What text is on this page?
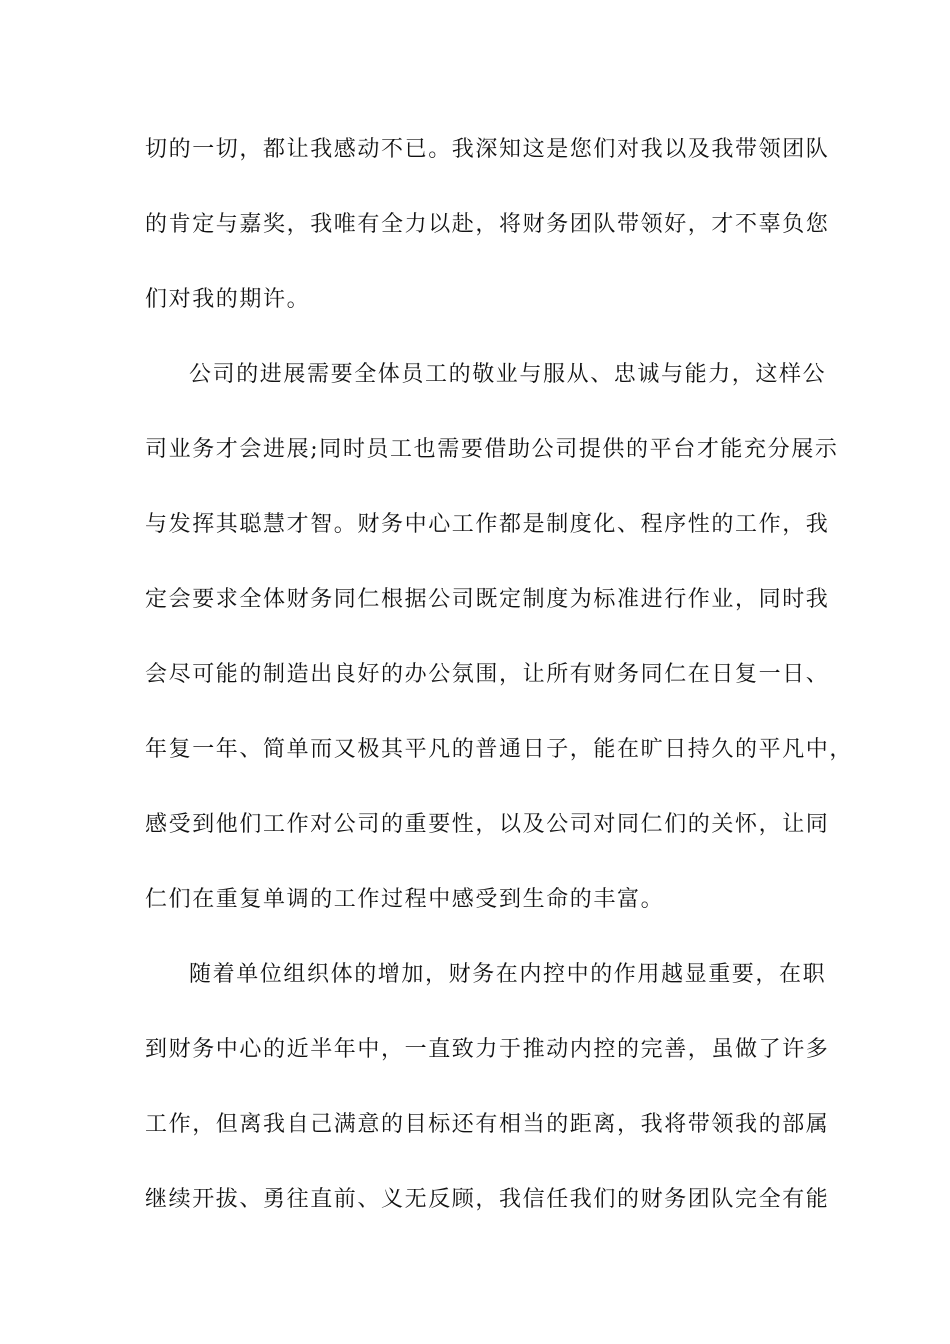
切的一切，都让我感动不已。我深知这是您们对我以及我带领团队
的肯定与嘉奖，我唯有全力以赴，将财务团队带领好，才不辜负您
们对我的期许。
公司的进展需要全体员工的敬业与服从、忠诚与能力，这样公
司业务才会进展;同时员工也需要借助公司提供的平台才能充分展示
与发挥其聪慧才智。财务中心工作都是制度化、程序性的工作，我
定会要求全体财务同仁根据公司既定制度为标准进行作业，同时我
会尽可能的制造出良好的办公氛围，让所有财务同仁在日复一日、
年复一年、简单而又极其平凡的普通日子，能在旷日持久的平凡中，
感受到他们工作对公司的重要性，以及公司对同仁们的关怀，让同
仁们在重复单调的工作过程中感受到生命的丰富。
随着单位组织体的增加，财务在内控中的作用越显重要，在职
到财务中心的近半年中，一直致力于推动内控的完善，虽做了许多
工作，但离我自己满意的目标还有相当的距离，我将带领我的部属
继续开拔、勇往直前、义无反顾，我信任我们的财务团队完全有能
